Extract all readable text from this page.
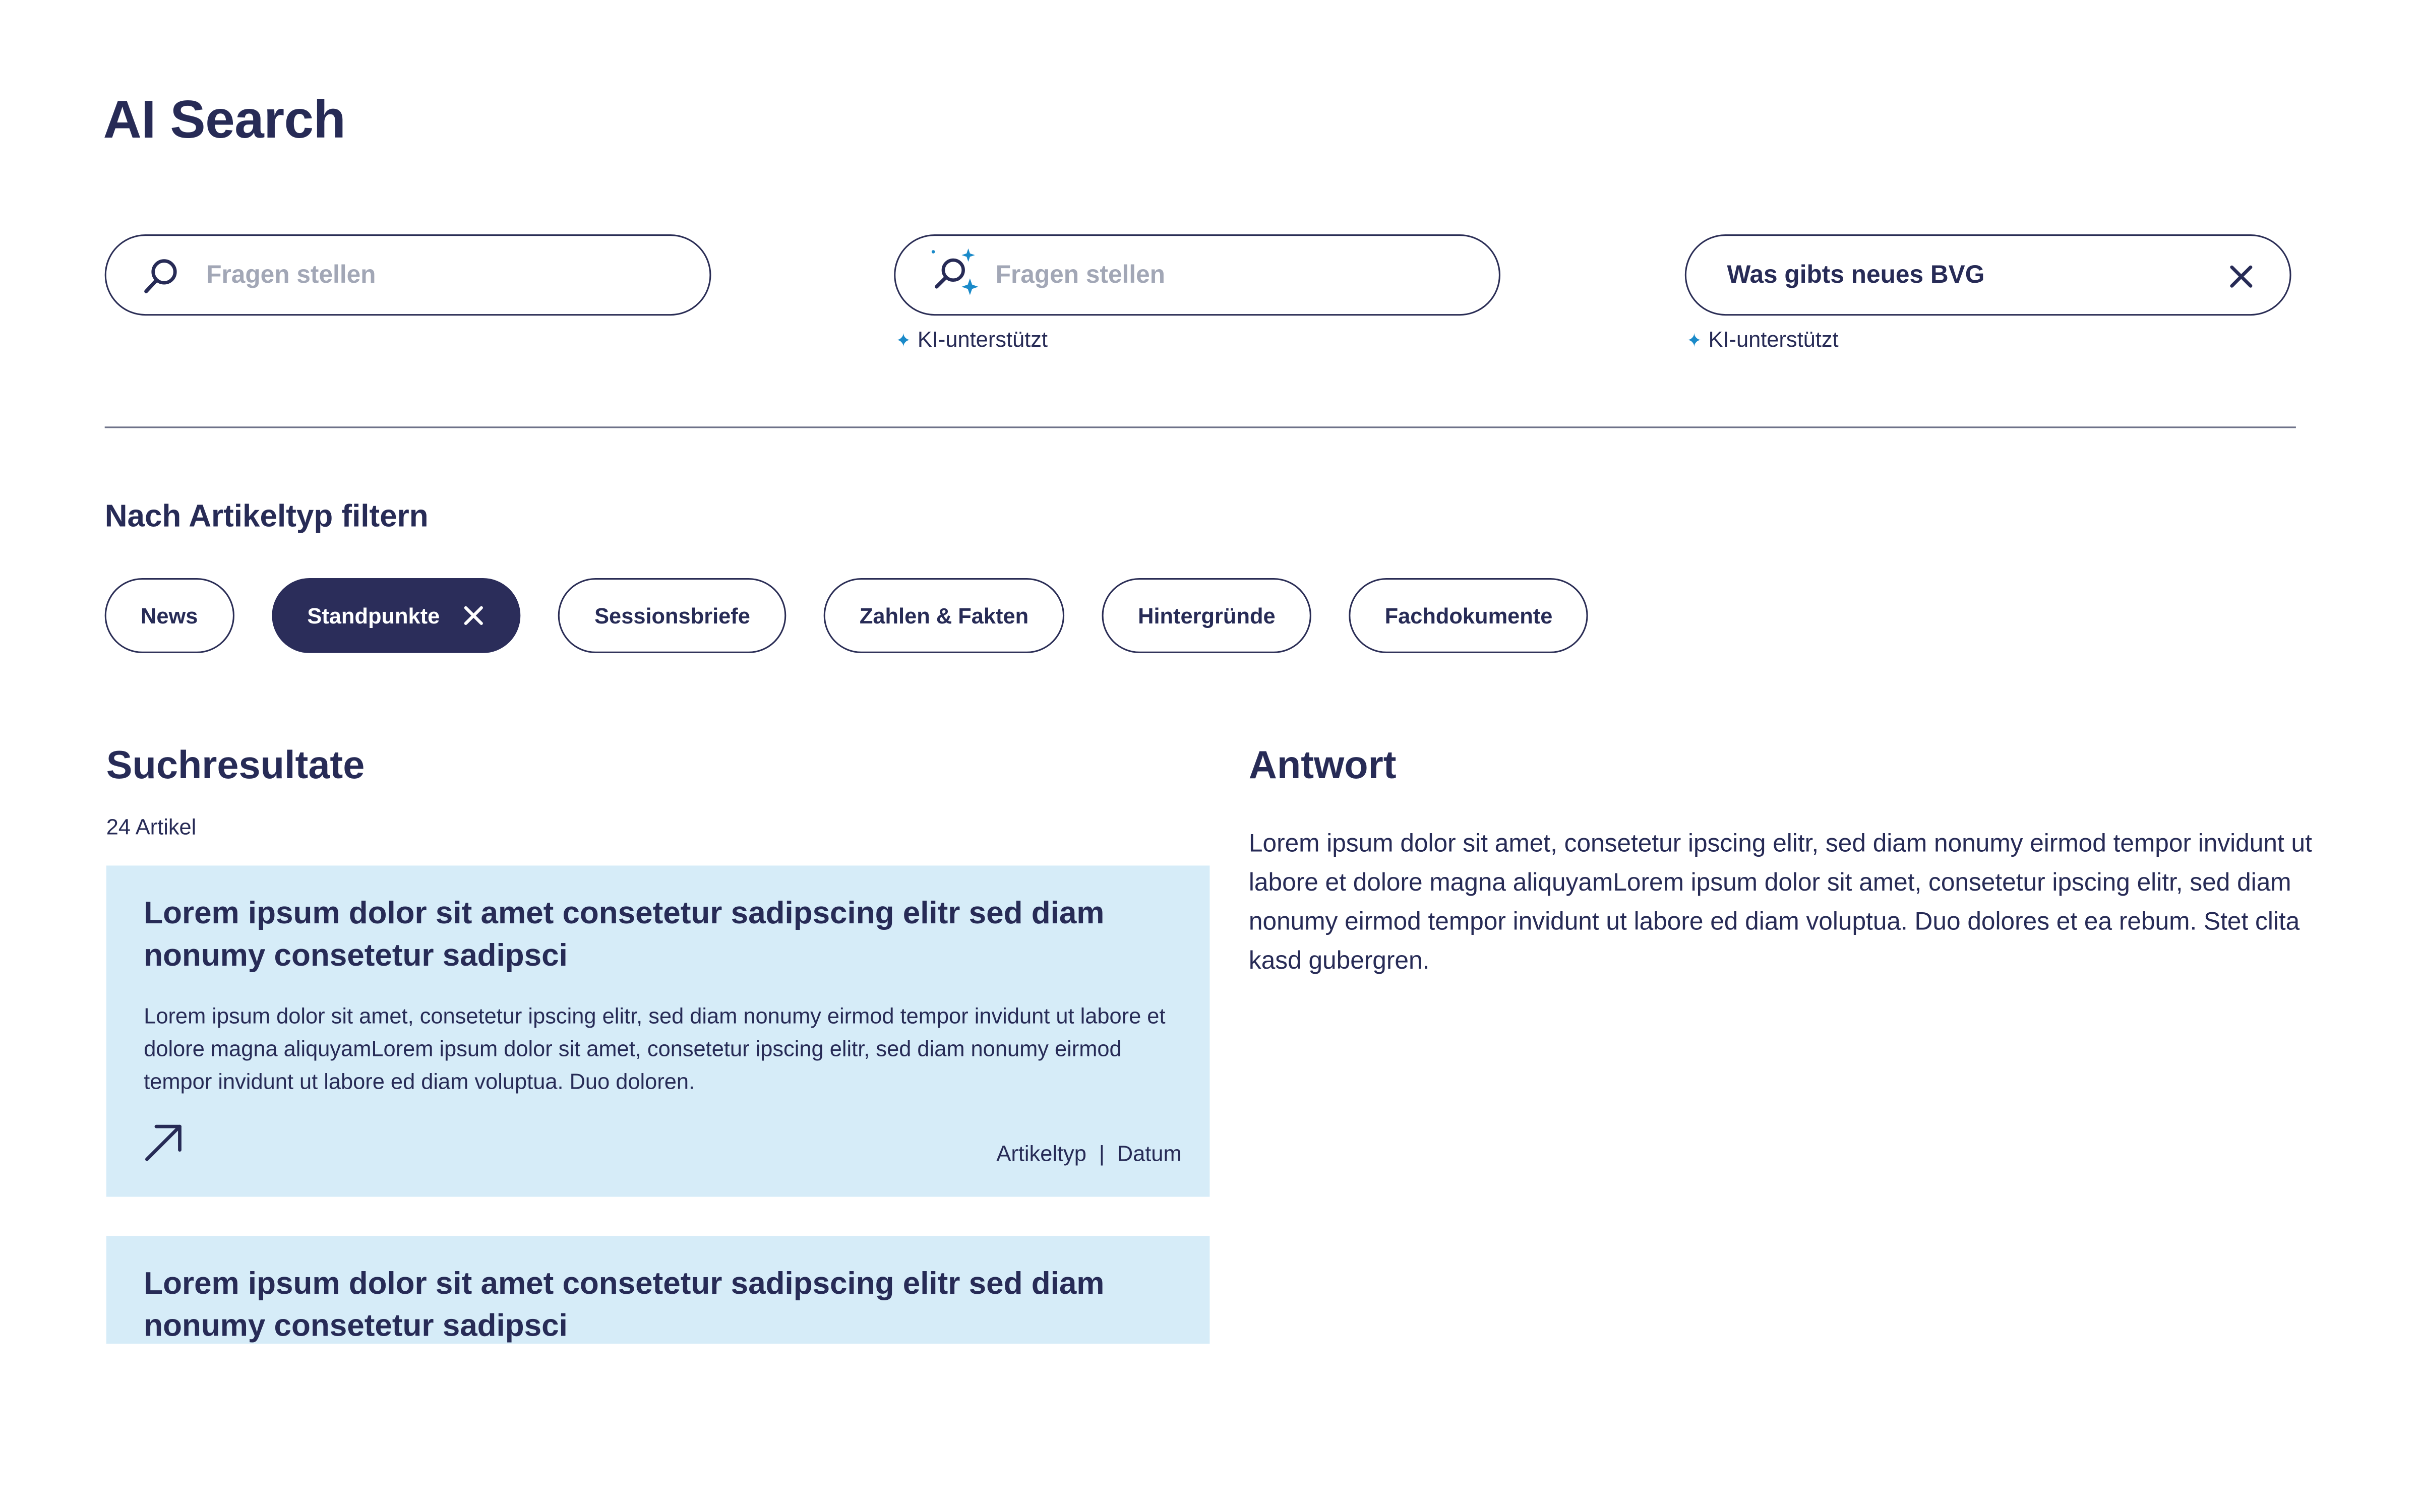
AI Search
Fragen stellen
Fragen stellen
✦ KI-unterstützt
Was gibts neues BVG	✦ KI-unterstützt
Nach Artikeltyp filtern
News	Standpunkte	Sessionsbriefe	Zahlen & Fakten	Hintergründe	Fachdokumente
Suchresultate
24 Artikel
Lorem ipsum dolor sit amet consetetur sadipscing elitr sed diam nonumy consetetur sadipsci

Lorem ipsum dolor sit amet, consetetur ipscing elitr, sed diam nonumy eirmod tempor invidunt ut labore et dolore magna aliquyamLorem ipsum dolor sit amet, consetetur ipscing elitr, sed diam nonumy eirmod tempor invidunt ut labore ed diam voluptua. Duo doloren.

Artikeltyp | Datum
Lorem ipsum dolor sit amet consetetur sadipscing elitr sed diam nonumy consetetur sadipsci
Antwort

Lorem ipsum dolor sit amet, consetetur ipscing elitr, sed diam nonumy eirmod tempor invidunt ut labore et dolore magna aliquyamLorem ipsum dolor sit amet, consetetur ipscing elitr, sed diam nonumy eirmod tempor invidunt ut labore ed diam voluptua. Duo dolores et ea rebum. Stet clita kasd gubergren.
